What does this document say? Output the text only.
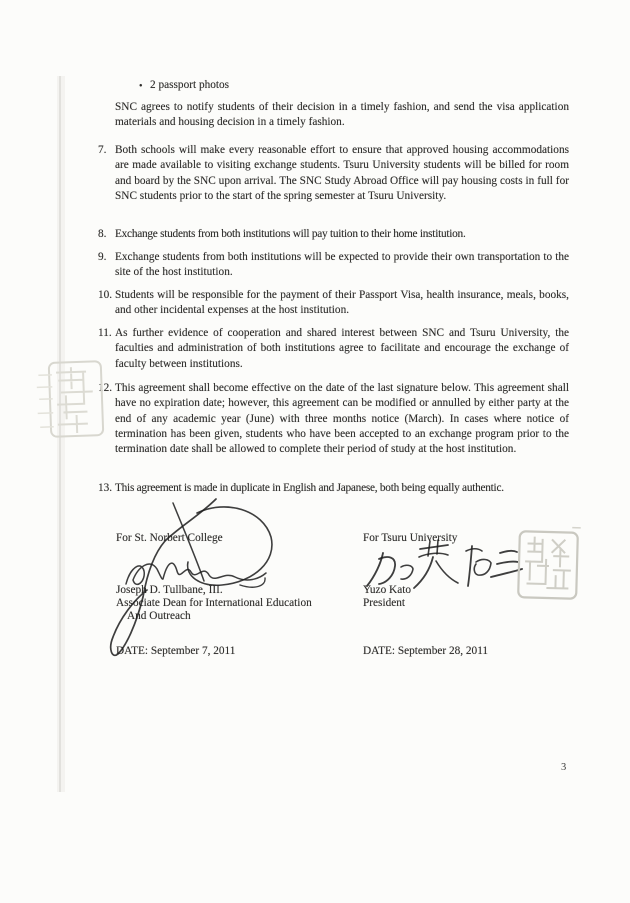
• 2 passport photos
SNC agrees to notify students of their decision in a timely fashion, and send the visa application materials and housing decision in a timely fashion.
7. Both schools will make every reasonable effort to ensure that approved housing accommodations are made available to visiting exchange students. Tsuru University students will be billed for room and board by the SNC upon arrival. The SNC Study Abroad Office will pay housing costs in full for SNC students prior to the start of the spring semester at Tsuru University.
8. Exchange students from both institutions will pay tuition to their home institution.
9. Exchange students from both institutions will be expected to provide their own transportation to the site of the host institution.
10. Students will be responsible for the payment of their Passport Visa, health insurance, meals, books, and other incidental expenses at the host institution.
11. As further evidence of cooperation and shared interest between SNC and Tsuru University, the faculties and administration of both institutions agree to facilitate and encourage the exchange of faculty between institutions.
12. This agreement shall become effective on the date of the last signature below. This agreement shall have no expiration date; however, this agreement can be modified or annulled by either party at the end of any academic year (June) with three months notice (March). In cases where notice of termination has been given, students who have been accepted to an exchange program prior to the termination date shall be allowed to complete their period of study at the host institution.
13. This agreement is made in duplicate in English and Japanese, both being equally authentic.
For St. Norbert College
Joseph D. Tullbane, III.
Associate Dean for International Education
And Outreach
DATE: September 7, 2011
For Tsuru University
Yuzo Kato
President
DATE: September 28, 2011
3
